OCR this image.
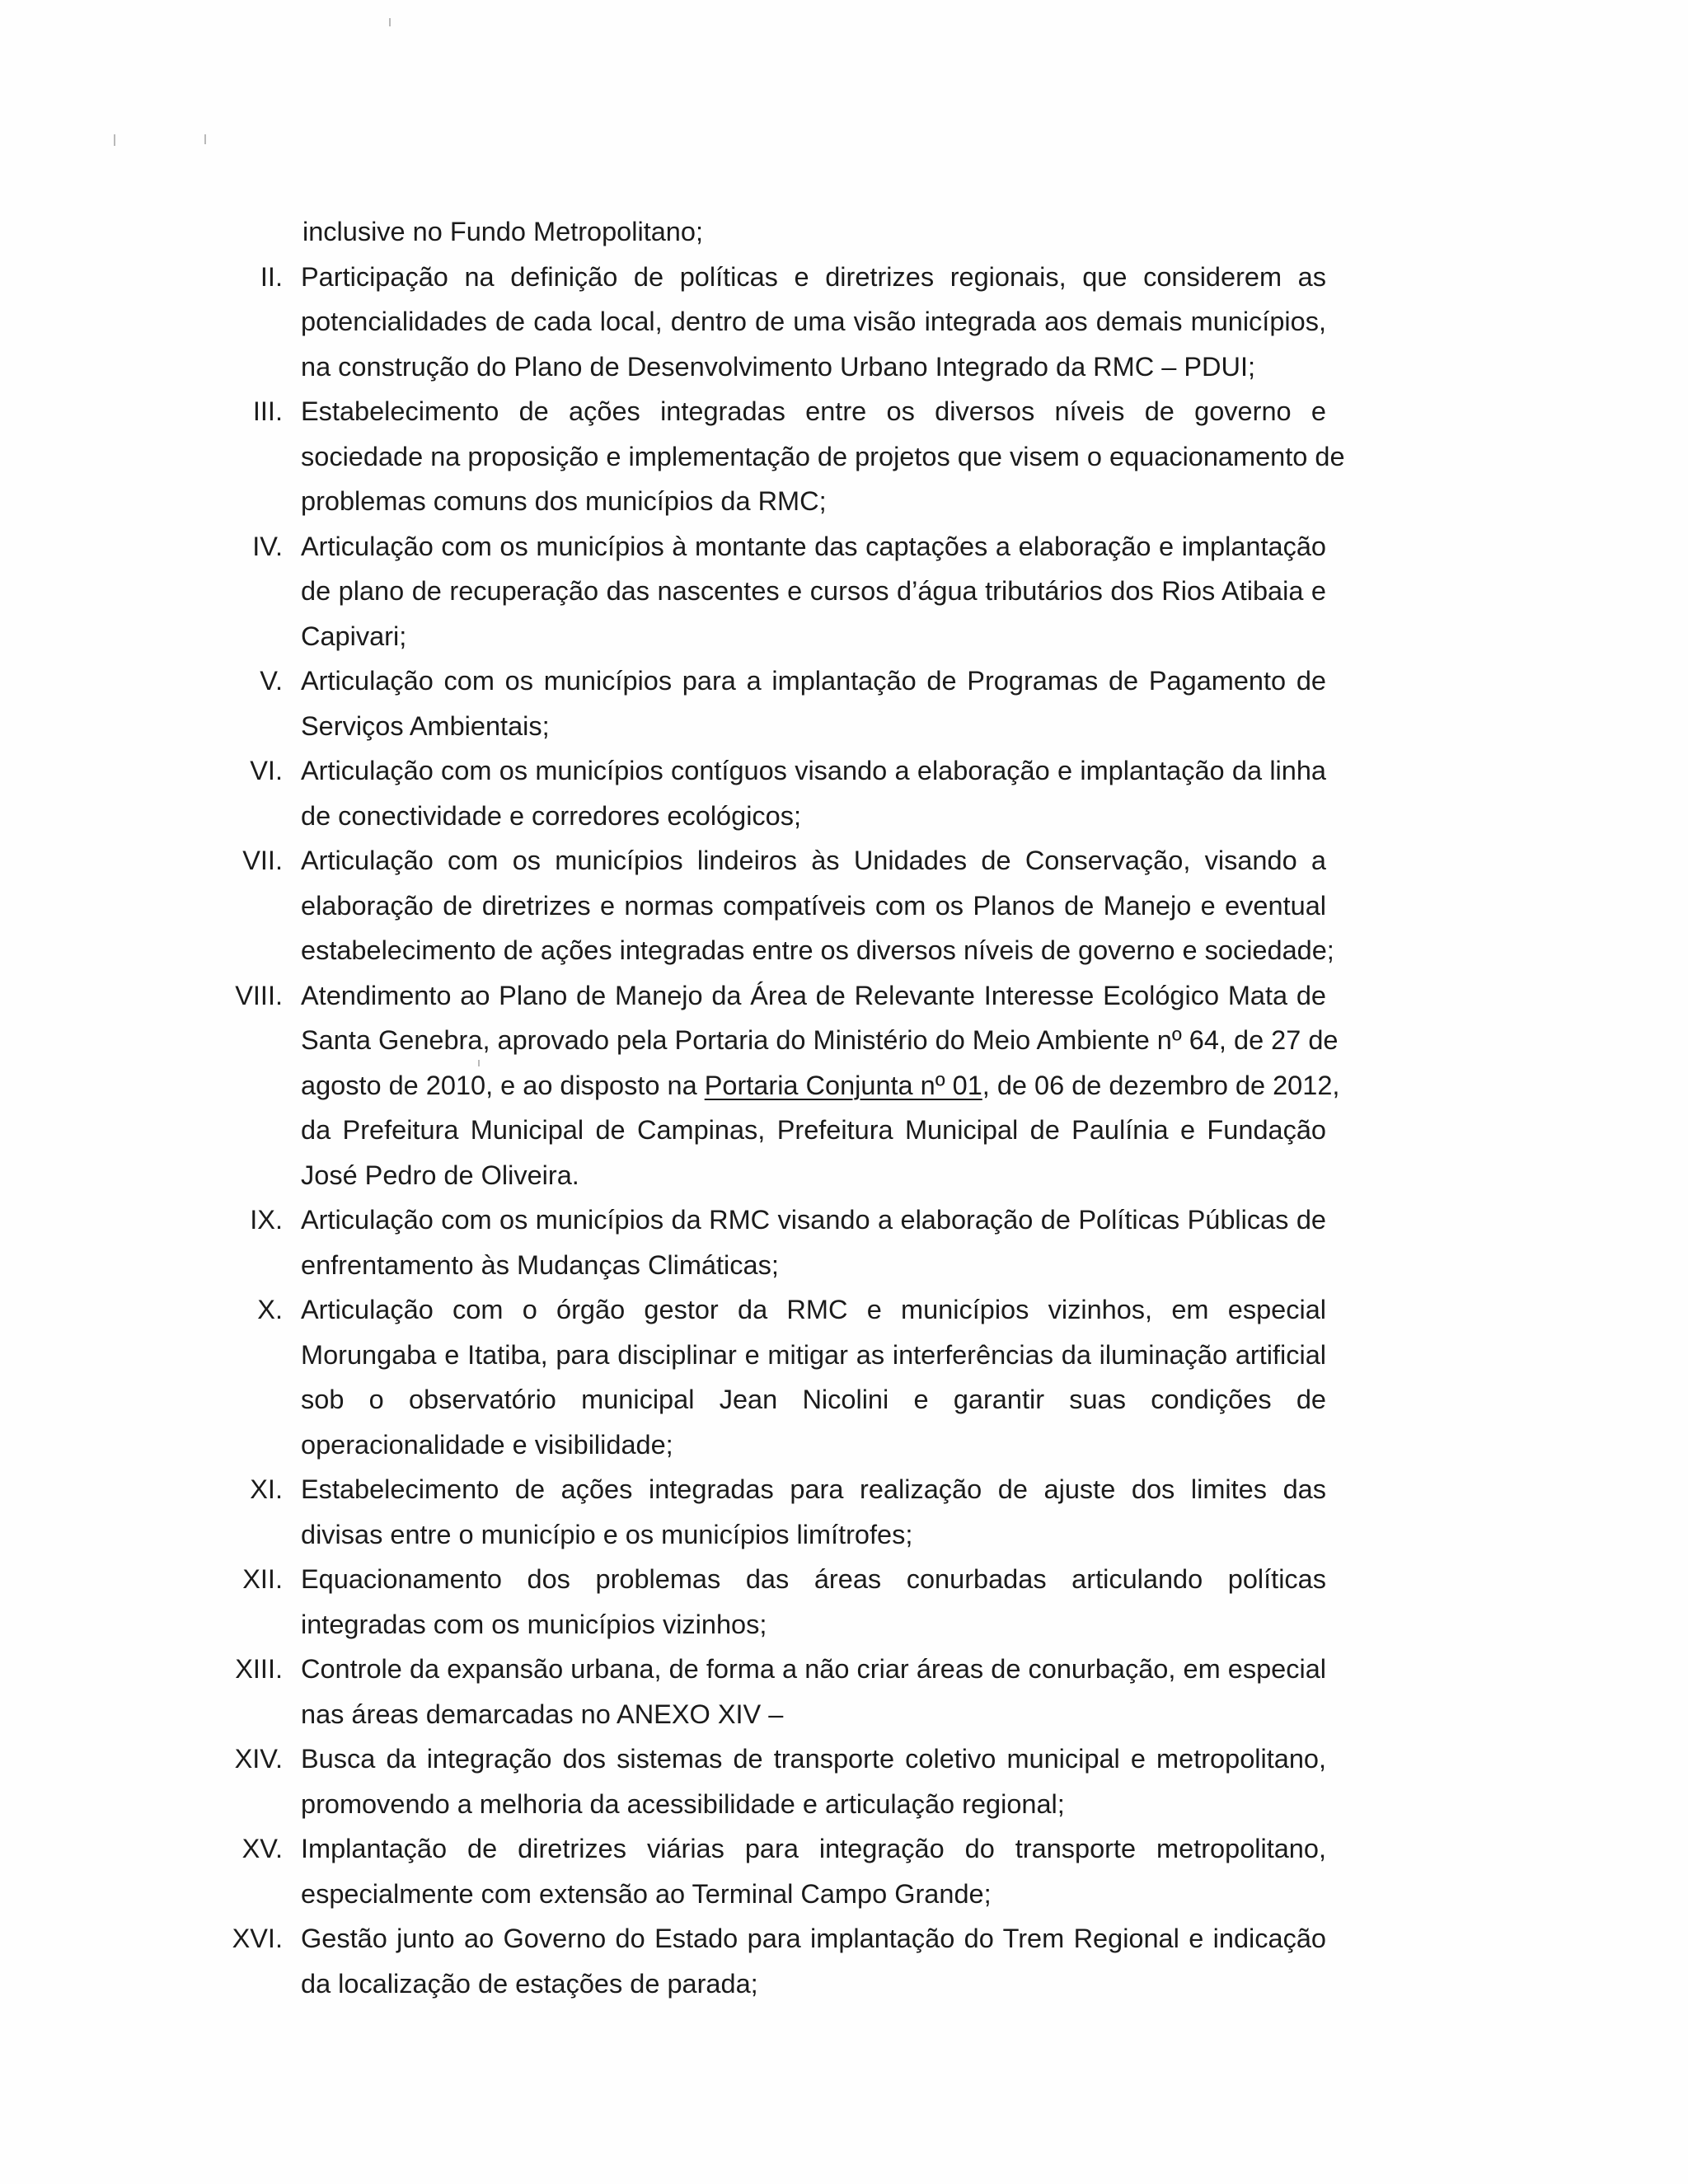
inclusive no Fundo Metropolitano;
II. Participação na definição de políticas e diretrizes regionais, que considerem as
potencialidades de cada local, dentro de uma visão integrada aos demais municípios,
na construção do Plano de Desenvolvimento Urbano Integrado da RMC – PDUI;
III. Estabelecimento de ações integradas entre os diversos níveis de governo e
sociedade na proposição e implementação de projetos que visem o equacionamento de
problemas comuns dos municípios da RMC;
IV. Articulação com os municípios à montante das captações a elaboração e implantação
de plano de recuperação das nascentes e cursos d’água tributários dos Rios Atibaia e
Capivari;
V. Articulação com os municípios para a implantação de Programas de Pagamento de
Serviços Ambientais;
VI. Articulação com os municípios contíguos visando a elaboração e implantação da linha
de conectividade e corredores ecológicos;
VII. Articulação com os municípios lindeiros às Unidades de Conservação, visando a
elaboração de diretrizes e normas compatíveis com os Planos de Manejo e eventual
estabelecimento de ações integradas entre os diversos níveis de governo e sociedade;
VIII. Atendimento ao Plano de Manejo da Área de Relevante Interesse Ecológico Mata de
Santa Genebra, aprovado pela Portaria do Ministério do Meio Ambiente nº 64, de 27 de
agosto de 2010, e ao disposto na Portaria Conjunta nº 01, de 06 de dezembro de 2012,
da Prefeitura Municipal de Campinas, Prefeitura Municipal de Paulínia e Fundação
José Pedro de Oliveira.
IX. Articulação com os municípios da RMC visando a elaboração de Políticas Públicas de
enfrentamento às Mudanças Climáticas;
X. Articulação com o órgão gestor da RMC e municípios vizinhos, em especial
Morungaba e Itatiba, para disciplinar e mitigar as interferências da iluminação artificial
sob o observatório municipal Jean Nicolini e garantir suas condições de
operacionalidade e visibilidade;
XI. Estabelecimento de ações integradas para realização de ajuste dos limites das
divisas entre o município e os municípios limítrofes;
XII. Equacionamento dos problemas das áreas conurbadas articulando políticas
integradas com os municípios vizinhos;
XIII. Controle da expansão urbana, de forma a não criar áreas de conurbação, em especial
nas áreas demarcadas no ANEXO XIV –
XIV. Busca da integração dos sistemas de transporte coletivo municipal e metropolitano,
promovendo a melhoria da acessibilidade e articulação regional;
XV. Implantação de diretrizes viárias para integração do transporte metropolitano,
especialmente com extensão ao Terminal Campo Grande;
XVI. Gestão junto ao Governo do Estado para implantação do Trem Regional e indicação
da localização de estações de parada;
